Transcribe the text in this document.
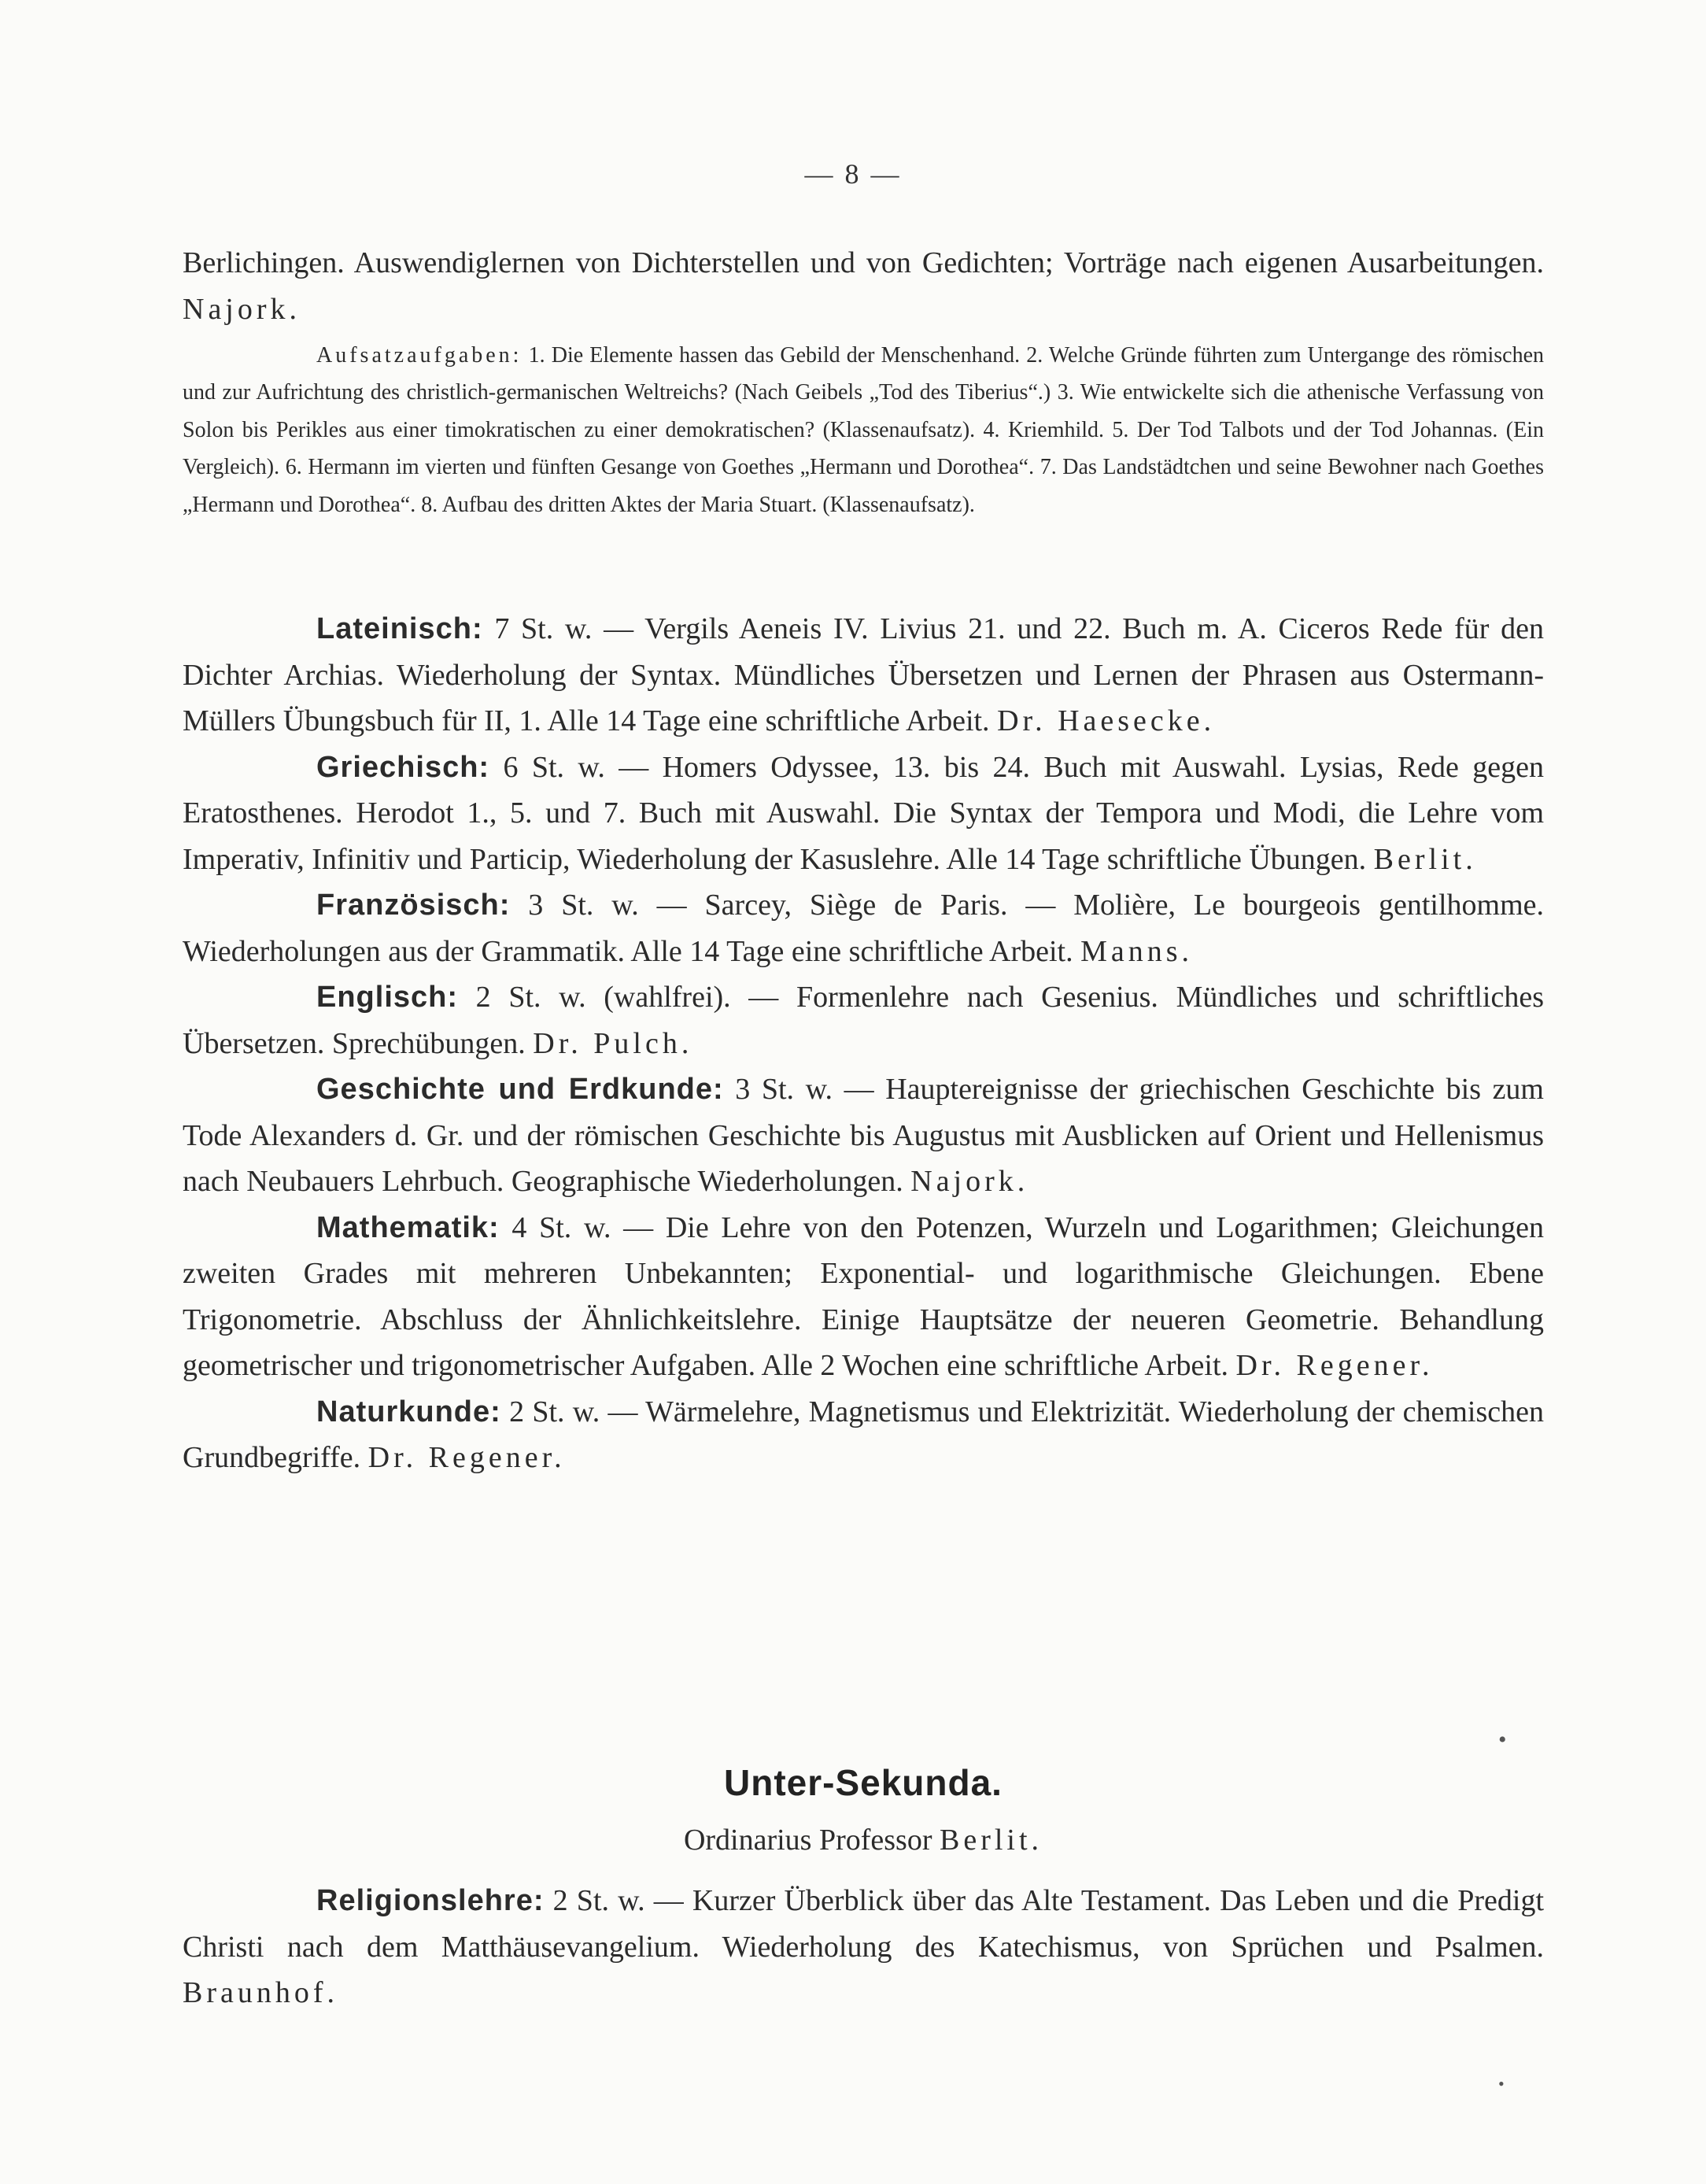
— 8 —

Berlichingen. Auswendiglernen von Dichterstellen und von Gedichten; Vorträge nach eigenen Ausarbeitungen. Najork.

Aufsatzaufgaben: 1. Die Elemente hassen das Gebild der Menschenhand. 2. Welche Gründe führten zum Untergange des römischen und zur Aufrichtung des christlich-germanischen Weltreichs? (Nach Geibels „Tod des Tiberius“.) 3. Wie entwickelte sich die athenische Verfassung von Solon bis Perikles aus einer timokratischen zu einer demokratischen? (Klassenaufsatz). 4. Kriemhild. 5. Der Tod Talbots und der Tod Johannas. (Ein Vergleich). 6. Hermann im vierten und fünften Gesange von Goethes „Hermann und Dorothea“. 7. Das Landstädtchen und seine Bewohner nach Goethes „Hermann und Dorothea“. 8. Aufbau des dritten Aktes der Maria Stuart. (Klassenaufsatz).

Lateinisch: 7 St. w. — Vergils Aeneis IV. Livius 21. und 22. Buch m. A. Ciceros Rede für den Dichter Archias. Wiederholung der Syntax. Mündliches Übersetzen und Lernen der Phrasen aus Ostermann-Müllers Übungsbuch für II, 1. Alle 14 Tage eine schriftliche Arbeit. Dr. Haesecke.

Griechisch: 6 St. w. — Homers Odyssee, 13. bis 24. Buch mit Auswahl. Lysias, Rede gegen Eratosthenes. Herodot 1., 5. und 7. Buch mit Auswahl. Die Syntax der Tempora und Modi, die Lehre vom Imperativ, Infinitiv und Particip, Wiederholung der Kasuslehre. Alle 14 Tage schriftliche Übungen. Berlit.

Französisch: 3 St. w. — Sarcey, Siège de Paris. — Molière, Le bourgeois gentilhomme. Wiederholungen aus der Grammatik. Alle 14 Tage eine schriftliche Arbeit. Manns.

Englisch: 2 St. w. (wahlfrei). — Formenlehre nach Gesenius. Mündliches und schriftliches Übersetzen. Sprechübungen. Dr. Pulch.

Geschichte und Erdkunde: 3 St. w. — Hauptereignisse der griechischen Geschichte bis zum Tode Alexanders d. Gr. und der römischen Geschichte bis Augustus mit Ausblicken auf Orient und Hellenismus nach Neubauers Lehrbuch. Geographische Wiederholungen. Najork.

Mathematik: 4 St. w. — Die Lehre von den Potenzen, Wurzeln und Logarithmen; Gleichungen zweiten Grades mit mehreren Unbekannten; Exponential- und logarithmische Gleichungen. Ebene Trigonometrie. Abschluss der Ähnlichkeitslehre. Einige Hauptsätze der neueren Geometrie. Behandlung geometrischer und trigonometrischer Aufgaben. Alle 2 Wochen eine schriftliche Arbeit. Dr. Regener.

Naturkunde: 2 St. w. — Wärmelehre, Magnetismus und Elektrizität. Wiederholung der chemischen Grundbegriffe. Dr. Regener.

Unter-Sekunda.
Ordinarius Professor Berlit.

Religionslehre: 2 St. w. — Kurzer Überblick über das Alte Testament. Das Leben und die Predigt Christi nach dem Matthäusevangelium. Wiederholung des Katechismus, von Sprüchen und Psalmen. Braunhof.

•
•
